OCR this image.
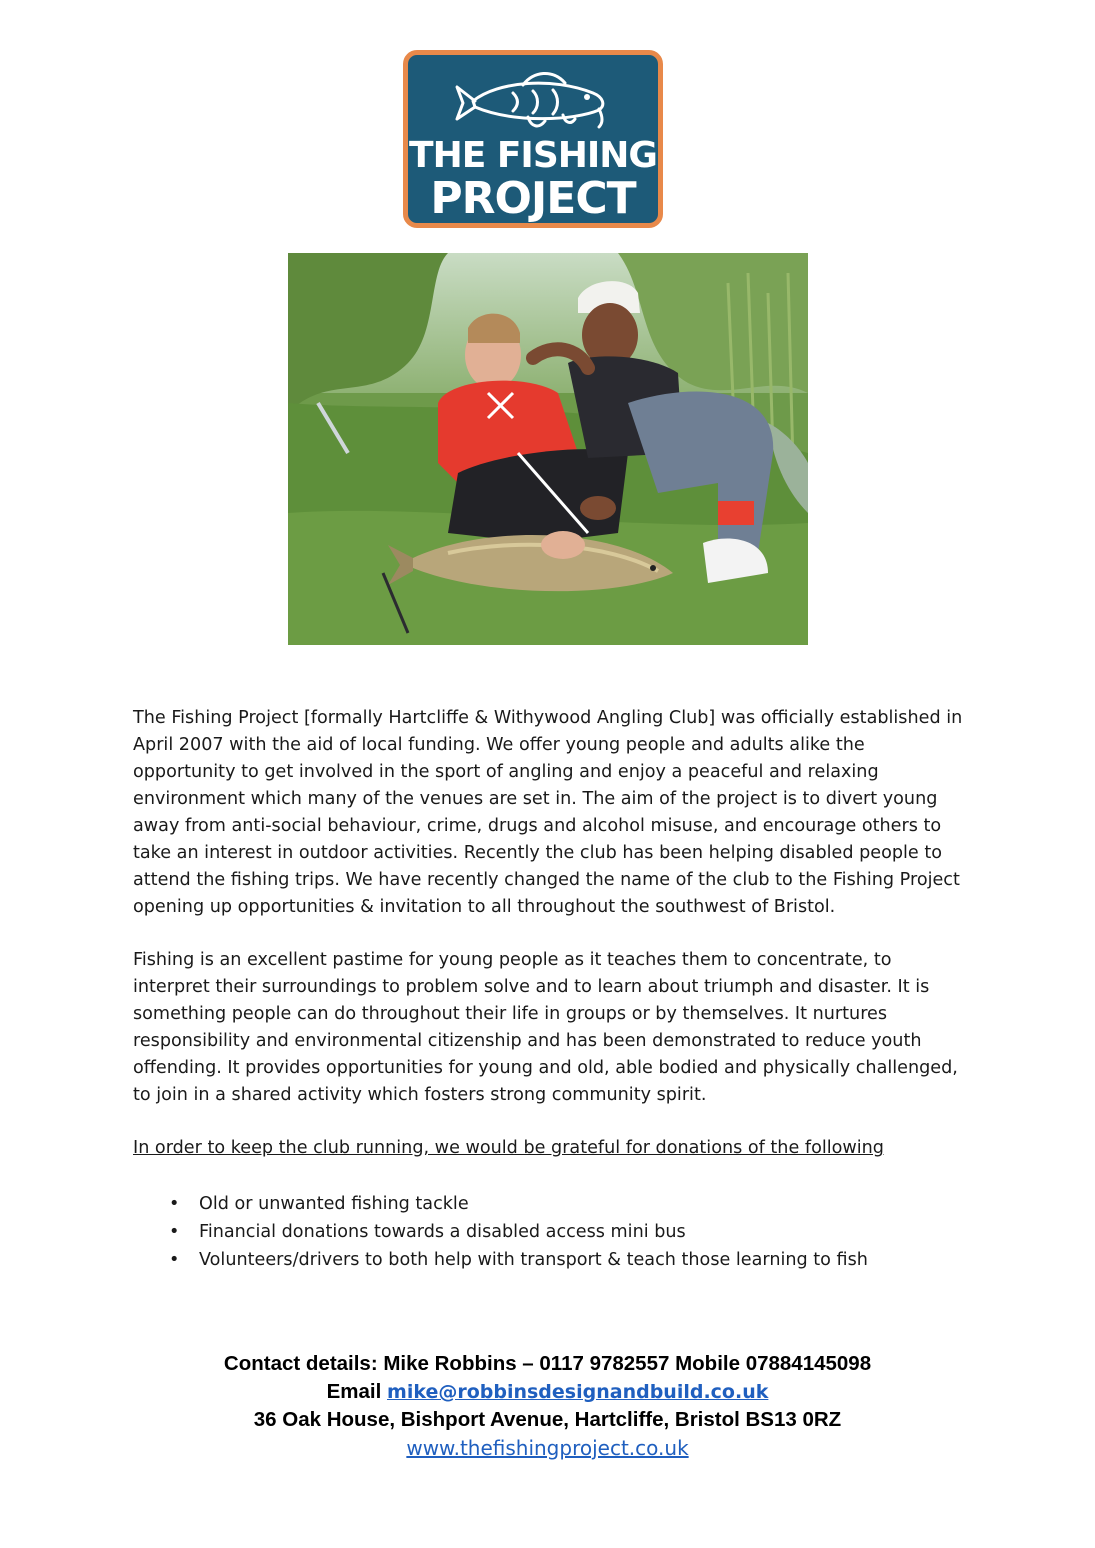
THE FISHING
PROJECT
The Fishing Project [formally Hartcliffe & Withywood Angling Club] was officially established in April 2007 with the aid of local funding. We offer young people and adults alike the opportunity to get involved in the sport of angling and enjoy a peaceful and relaxing environment which many of the venues are set in. The aim of the project is to divert young away from anti-social behaviour, crime, drugs and alcohol misuse, and encourage others to take an interest in outdoor activities. Recently the club has been helping disabled people to attend the fishing trips. We have recently changed the name of the club to the Fishing Project opening up opportunities & invitation to all throughout the southwest of Bristol.
Fishing is an excellent pastime for young people as it teaches them to concentrate, to interpret their surroundings to problem solve and to learn about triumph and disaster. It is something people can do throughout their life in groups or by themselves. It nurtures responsibility and environmental citizenship and has been demonstrated to reduce youth offending. It provides opportunities for young and old, able bodied and physically challenged, to join in a shared activity which fosters strong community spirit.
In order to keep the club running, we would be grateful for donations of the following
• Old or unwanted fishing tackle
• Financial donations towards a disabled access mini bus
• Volunteers/drivers to both help with transport & teach those learning to fish
Contact details: Mike Robbins – 0117 9782557 Mobile 07884145098
Email mike@robbinsdesignandbuild.co.uk
36 Oak House, Bishport Avenue, Hartcliffe, Bristol BS13 0RZ
www.thefishingproject.co.uk
